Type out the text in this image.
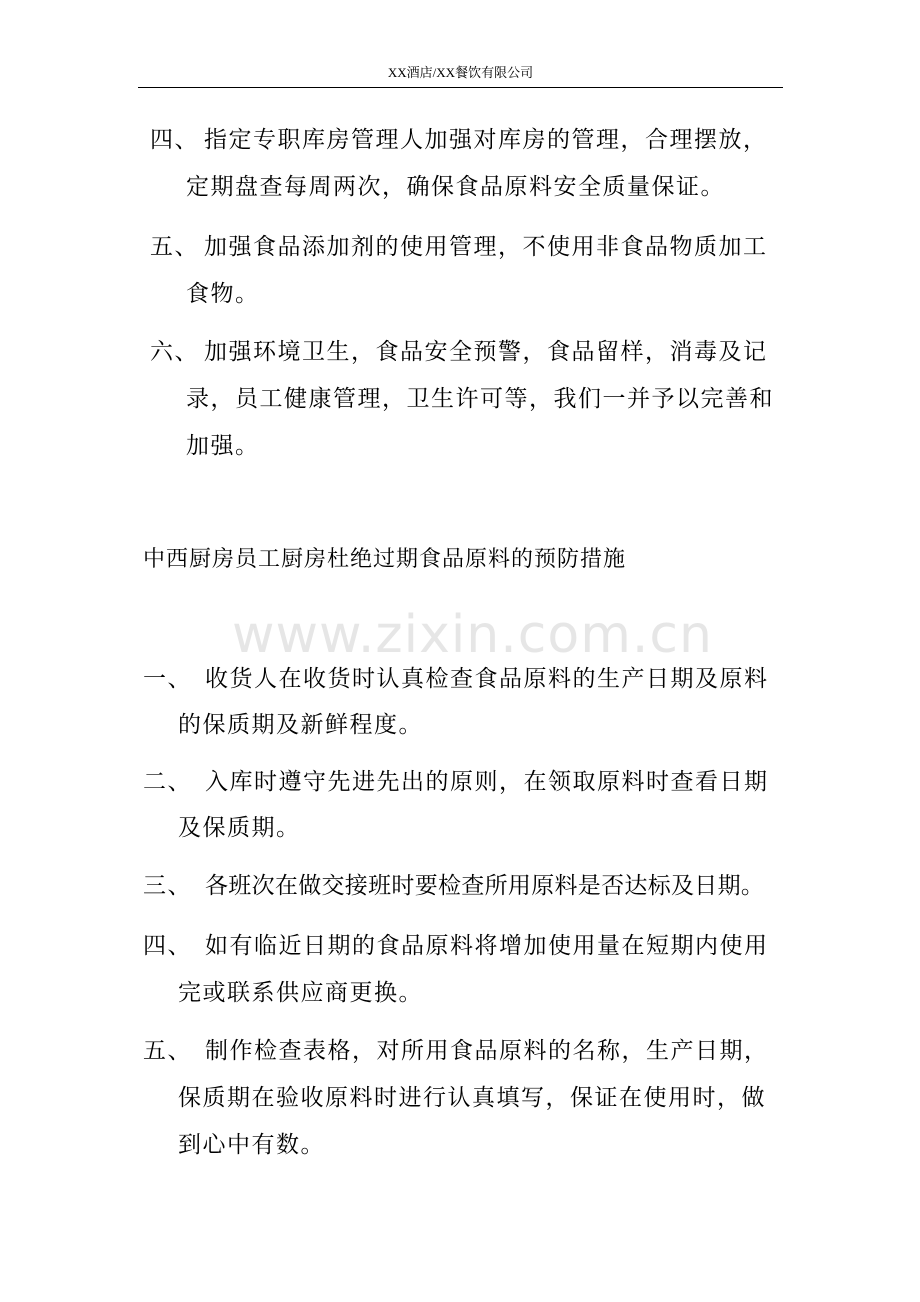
XX酒店/XX餐饮有限公司
四、 指定专职库房管理人加强对库房的管理，合理摆放，
定期盘查每周两次，确保食品原料安全质量保证。
五、 加强食品添加剂的使用管理，不使用非食品物质加工
食物。
六、 加强环境卫生，食品安全预警，食品留样，消毒及记
录，员工健康管理，卫生许可等，我们一并予以完善和
加强。
中西厨房员工厨房杜绝过期食品原料的预防措施
www.zixin.com.cn
一、 收货人在收货时认真检查食品原料的生产日期及原料
的保质期及新鲜程度。
二、 入库时遵守先进先出的原则，在领取原料时查看日期
及保质期。
三、 各班次在做交接班时要检查所用原料是否达标及日期。
四、 如有临近日期的食品原料将增加使用量在短期内使用
完或联系供应商更换。
五、 制作检查表格，对所用食品原料的名称，生产日期，
保质期在验收原料时进行认真填写，保证在使用时，做
到心中有数。
